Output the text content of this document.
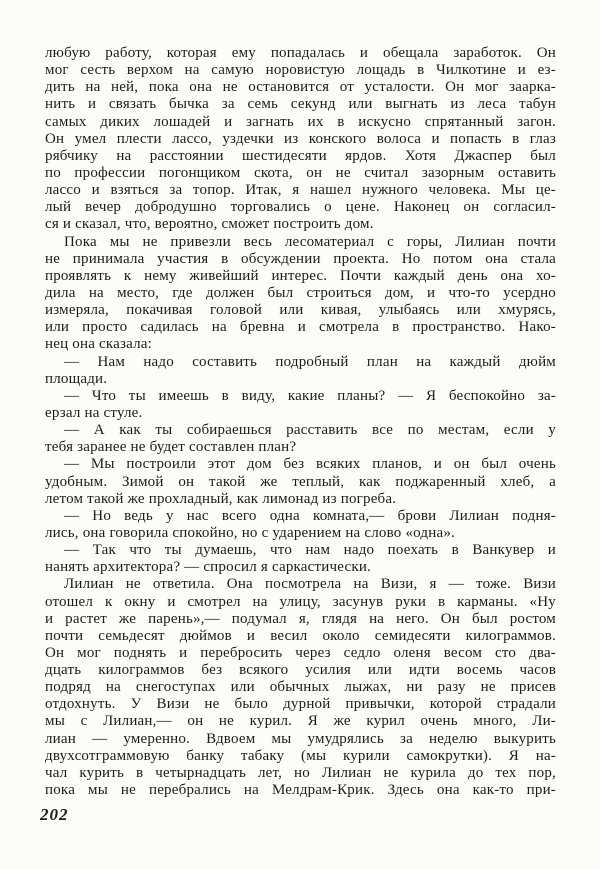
любую работу, которая ему попадалась и обещала заработок. Он
мог сесть верхом на самую норовистую лощадь в Чилкотине и ез-
дить на ней, пока она не остановится от усталости. Он мог заарка-
нить и связать бычка за семь секунд или выгнать из леса табун
самых диких лошадей и загнать их в искусно спрятанный загон.
Он умел плести лассо, уздечки из конского волоса и попасть в глаз
рябчику на расстоянии шестидесяти ярдов. Хотя Джаспер был
по профессии погонщиком скота, он не считал зазорным оставить
лассо и взяться за топор. Итак, я нашел нужного человека. Мы це-
лый вечер добродушно торговались о цене. Наконец он согласил-
ся и сказал, что, вероятно, сможет построить дом.
Пока мы не привезли весь лесоматериал с горы, Лилиан почти
не принимала участия в обсуждении проекта. Но потом она стала
проявлять к нему живейший интерес. Почти каждый день она хо-
дила на место, где должен был строиться дом, и что-то усердно
измеряла, покачивая головой или кивая, улыбаясь или хмурясь,
или просто садилась на бревна и смотрела в пространство. Нако-
нец она сказала:
— Нам надо составить подробный план на каждый дюйм
площади.
— Что ты имеешь в виду, какие планы? — Я беспокойно за-
ерзал на стуле.
— А как ты собираешься расставить все по местам, если у
тебя заранее не будет составлен план?
— Мы построили этот дом без всяких планов, и он был очень
удобным. Зимой он такой же теплый, как поджаренный хлеб, а
летом такой же прохладный, как лимонад из погреба.
— Но ведь у нас всего одна комната,— брови Лилиан подня-
лись, она говорила спокойно, но с ударением на слово «одна».
— Так что ты думаешь, что нам надо поехать в Ванкувер и
нанять архитектора? — спросил я саркастически.
Лилиан не ответила. Она посмотрела на Визи, я — тоже. Визи
отошел к окну и смотрел на улицу, засунув руки в карманы. «Ну
и растет же парень»,— подумал я, глядя на него. Он был ростом
почти семьдесят дюймов и весил около семидесяти килограммов.
Он мог поднять и перебросить через седло оленя весом сто два-
дцать килограммов без всякого усилия или идти восемь часов
подряд на снегоступах или обычных лыжах, ни разу не присев
отдохнуть. У Визи не было дурной привычки, которой страдали
мы с Лилиан,— он не курил. Я же курил очень много, Ли-
лиан — умеренно. Вдвоем мы умудрялись за неделю выкурить
двухсотграммовую банку табаку (мы курили самокрутки). Я на-
чал курить в четырнадцать лет, но Лилиан не курила до тех пор,
пока мы не перебрались на Мелдрам-Крик. Здесь она как-то при-
202
